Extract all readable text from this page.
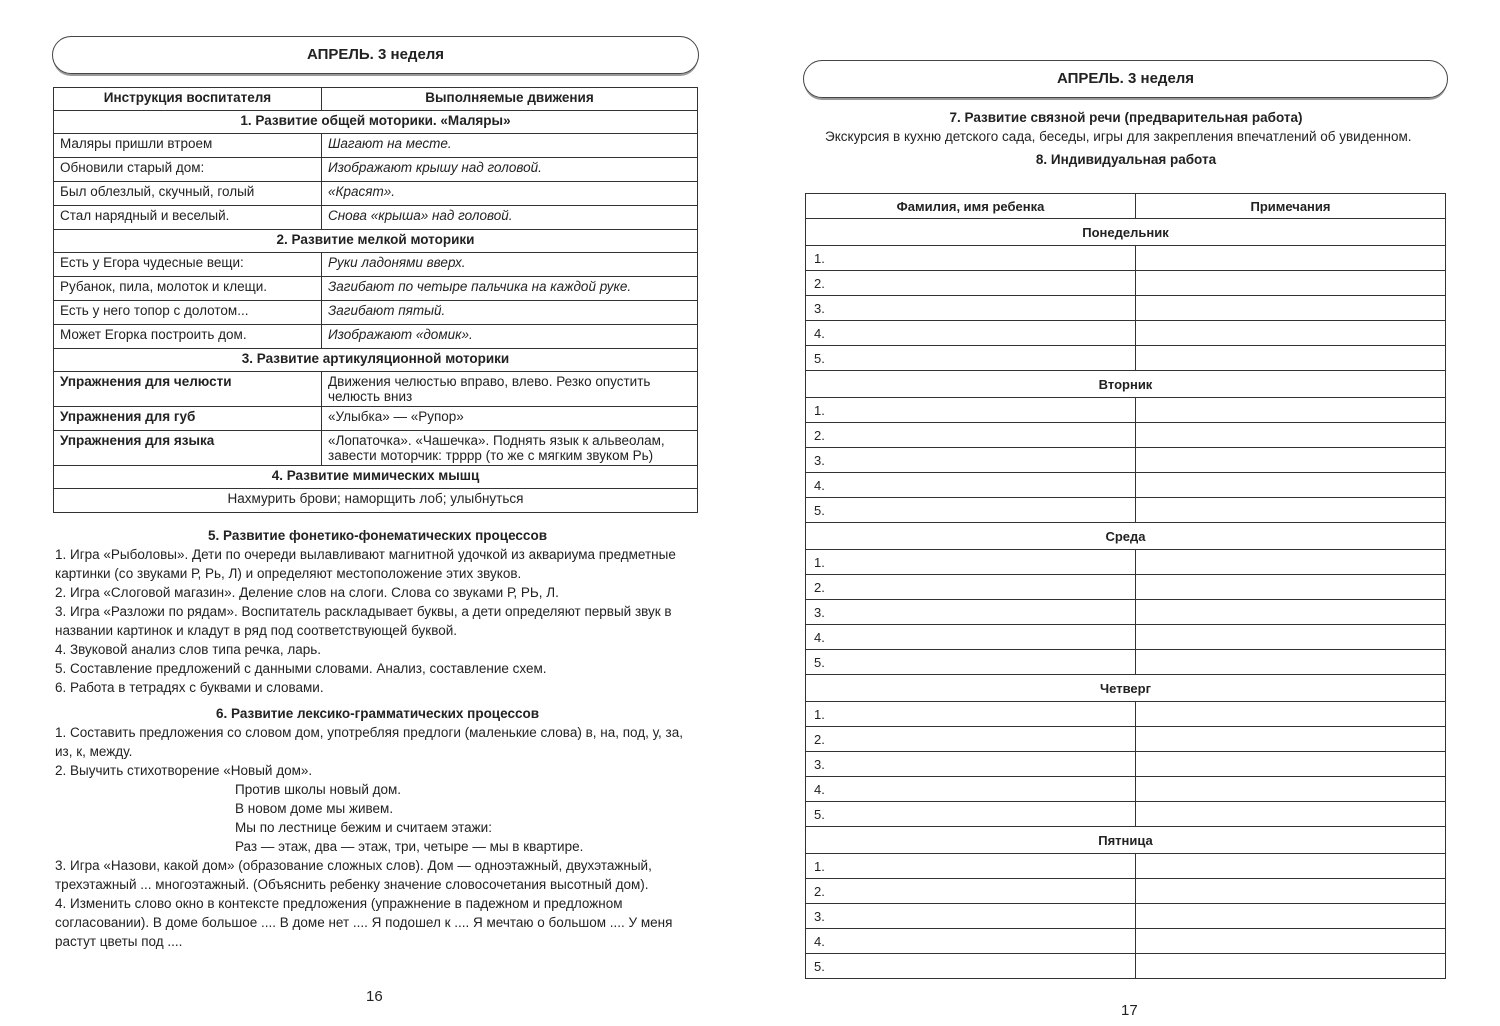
АПРЕЛЬ. 3 неделя
Инструкция воспитателя	Выполняемые движения
1. Развитие общей моторики. «Маляры»	
Маляры пришли втроем	Шагают на месте.
Обновили старый дом:	Изображают крышу над головой.
Был облезлый, скучный, голый	«Красят».
Стал нарядный и веселый.	Снова «крыша» над головой.
2. Развитие мелкой моторики	
Есть у Егора чудесные вещи:	Руки ладонями вверх.
Рубанок, пила, молоток и клещи.	Загибают по четыре пальчика на каждой руке.
Есть у него топор с долотом...	Загибают пятый.
Может Егорка построить дом.	Изображают «домик».
3. Развитие артикуляционной моторики	
Упражнения для челюсти	Движения челюстью вправо, влево. Резко опустить челюсть вниз
Упражнения для губ	«Улыбка» — «Рупор»
Упражнения для языка	«Лопаточка». «Чашечка». Поднять язык к альвеолам, завести моторчик: трррр (то же с мягким звуком Рь)
4. Развитие мимических мышц	
Нахмурить брови; наморщить лоб; улыбнуться	
5. Развитие фонетико-фонематических процессов
1. Игра «Рыболовы». Дети по очереди вылавливают магнитной удочкой из аквариума предметные картинки (со звуками Р, Рь, Л) и определяют местоположение этих звуков.
2. Игра «Слоговой магазин». Деление слов на слоги. Слова со звуками Р, РЬ, Л.
3. Игра «Разложи по рядам». Воспитатель раскладывает буквы, а дети определяют первый звук в названии картинок и кладут в ряд под соответствующей буквой.
4. Звуковой анализ слов типа речка, ларь.
5. Составление предложений с данными словами. Анализ, составление схем.
6. Работа в тетрадях с буквами и словами.
6. Развитие лексико-грамматических процессов
1. Составить предложения со словом дом, употребляя предлоги (маленькие слова) в, на, под, у, за, из, к, между.
2. Выучить стихотворение «Новый дом».
Против школы новый дом.
В новом доме мы живем.
Мы по лестнице бежим и считаем этажи:
Раз — этаж, два — этаж, три, четыре — мы в квартире.
3. Игра «Назови, какой дом» (образование сложных слов). Дом — одноэтажный, двухэтажный, трехэтажный ... многоэтажный. (Объяснить ребенку значение словосочетания высотный дом).
4. Изменить слово окно в контексте предложения (упражнение в падежном и предложном согласовании). В доме большое .... В доме нет .... Я подошел к .... Я мечтаю о большом .... У меня растут цветы под ....
16
АПРЕЛЬ. 3 неделя
7. Развитие связной речи (предварительная работа)
Экскурсия в кухню детского сада, беседы, игры для закрепления впечатлений об увиденном.
8. Индивидуальная работа
Фамилия, имя ребенка	Примечания
Понедельник	
1.	
2.	
3.	
4.	
5.	
Вторник	
1.	
2.	
3.	
4.	
5.	
Среда	
1.	
2.	
3.	
4.	
5.	
Четверг	
1.	
2.	
3.	
4.	
5.	
Пятница	
1.	
2.	
3.	
4.	
5.	
17
